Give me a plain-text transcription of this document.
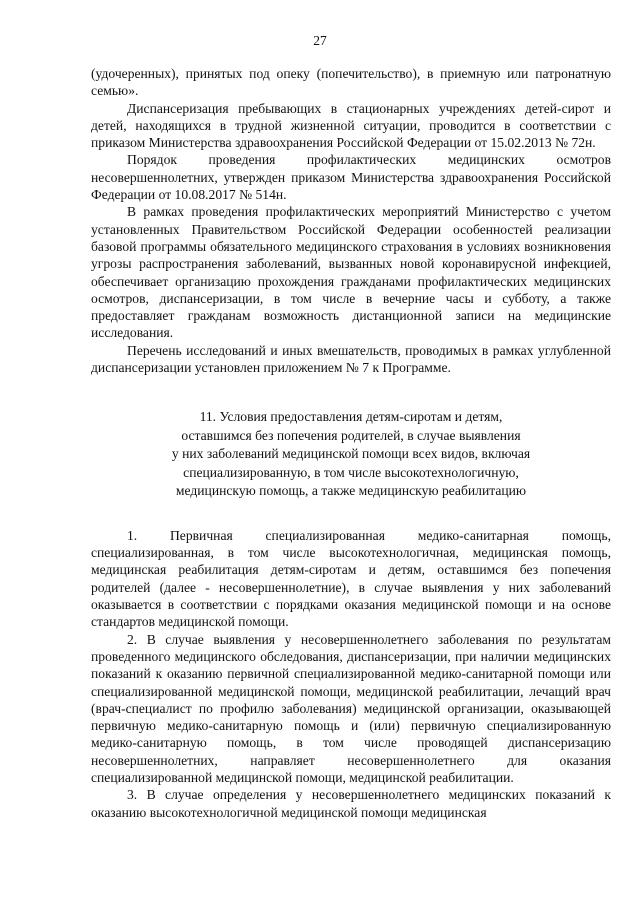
27

(удочеренных), принятых под опеку (попечительство), в приемную или патронатную семью».

Диспансеризация пребывающих в стационарных учреждениях детей-сирот и детей, находящихся в трудной жизненной ситуации, проводится в соответствии с приказом Министерства здравоохранения Российской Федерации от 15.02.2013 № 72н.

Порядок проведения профилактических медицинских осмотров несовершеннолетних, утвержден приказом Министерства здравоохранения Российской Федерации от 10.08.2017 № 514н.

В рамках проведения профилактических мероприятий Министерство с учетом установленных Правительством Российской Федерации особенностей реализации базовой программы обязательного медицинского страхования в условиях возникновения угрозы распространения заболеваний, вызванных новой коронавирусной инфекцией, обеспечивает организацию прохождения гражданами профилактических медицинских осмотров, диспансеризации, в том числе в вечерние часы и субботу, а также предоставляет гражданам возможность дистанционной записи на медицинские исследования.

Перечень исследований и иных вмешательств, проводимых в рамках углубленной диспансеризации установлен приложением № 7 к Программе.

11. Условия предоставления детям-сиротам и детям,
оставшимся без попечения родителей, в случае выявления
у них заболеваний медицинской помощи всех видов, включая
специализированную, в том числе высокотехнологичную,
медицинскую помощь, а также медицинскую реабилитацию

1. Первичная специализированная медико-санитарная помощь, специализированная, в том числе высокотехнологичная, медицинская помощь, медицинская реабилитация детям-сиротам и детям, оставшимся без попечения родителей (далее - несовершеннолетние), в случае выявления у них заболеваний оказывается в соответствии с порядками оказания медицинской помощи и на основе стандартов медицинской помощи.

2. В случае выявления у несовершеннолетнего заболевания по результатам проведенного медицинского обследования, диспансеризации, при наличии медицинских показаний к оказанию первичной специализированной медико-санитарной помощи или специализированной медицинской помощи, медицинской реабилитации, лечащий врач (врач-специалист по профилю заболевания) медицинской организации, оказывающей первичную медико-санитарную помощь и (или) первичную специализированную медико-санитарную помощь, в том числе проводящей диспансеризацию несовершеннолетних, направляет несовершеннолетнего для оказания специализированной медицинской помощи, медицинской реабилитации.

3. В случае определения у несовершеннолетнего медицинских показаний к оказанию высокотехнологичной медицинской помощи медицинская
